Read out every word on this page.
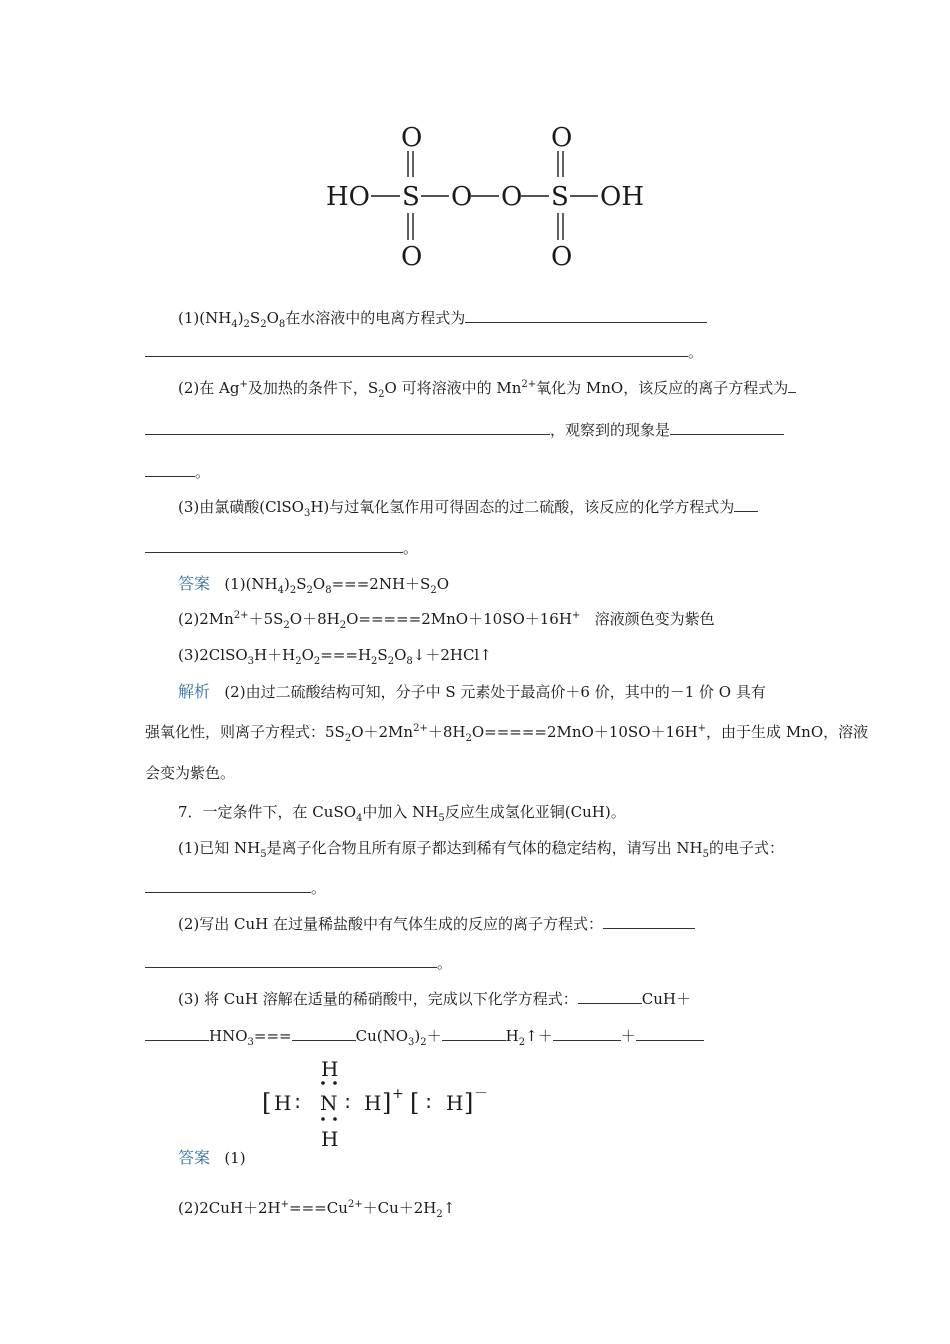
HO S O O S OH
O
O
O
O
$(1)(NH_4)_2S_2O_8$在水溶液中的电离方程式为
。
(2)在 Ag+及加热的条件下，$S_2O$ 可将溶液中的 $Mn^{2+}$氧化为 MnO，该反应的离子方程式为
，观察到的现象是
。
(3)由氯磺酸(ClSO$_3$H)与过氧化氢作用可得固态的过二硫酸，该反应的化学方程式为
。
答案 $(1)(NH_4)_2S_2O_8===2NH+S_2O$
$(2)2Mn^{2+}+5S_2O+8H_2O=====2MnO+10SO+16H^+$ 溶液颜色变为紫色
$(3)2ClSO_3H+H_2O_2===H_2S_2O_8↓+2HCl↑$
解析 (2)由过二硫酸结构可知，分子中 S 元素处于最高价＋6 价，其中的－1 价 O 具有
强氧化性，则离子方程式：$5S_2O+2Mn^{2+}+8H_2O=====2MnO+10SO+16H^+$，由于生成 MnO，溶液
会变为紫色。
7．一定条件下，在 CuSO$_4$中加入 $NH_5$反应生成氢化亚铜(CuH)。
(1)已知 $NH_5$是离子化合物且所有原子都达到稀有气体的稳定结构，请写出 $NH_5$的电子式：
。
(2)写出 CuH 在过量稀盐酸中有气体生成的反应的离子方程式：
。
(3) 将 CuH 溶解在适量的稀硝酸中，完成以下化学方程式：	CuH＋
$HNO_3===$	$Cu(NO_3)_2+$	$H_2↑+$	＋
H
[ H ∶ N ∶ H ] +
H
[ ∶ H ] －
答案 (1)
$(2)2CuH+2H^+===Cu^{2+}+Cu+2H_2↑$
